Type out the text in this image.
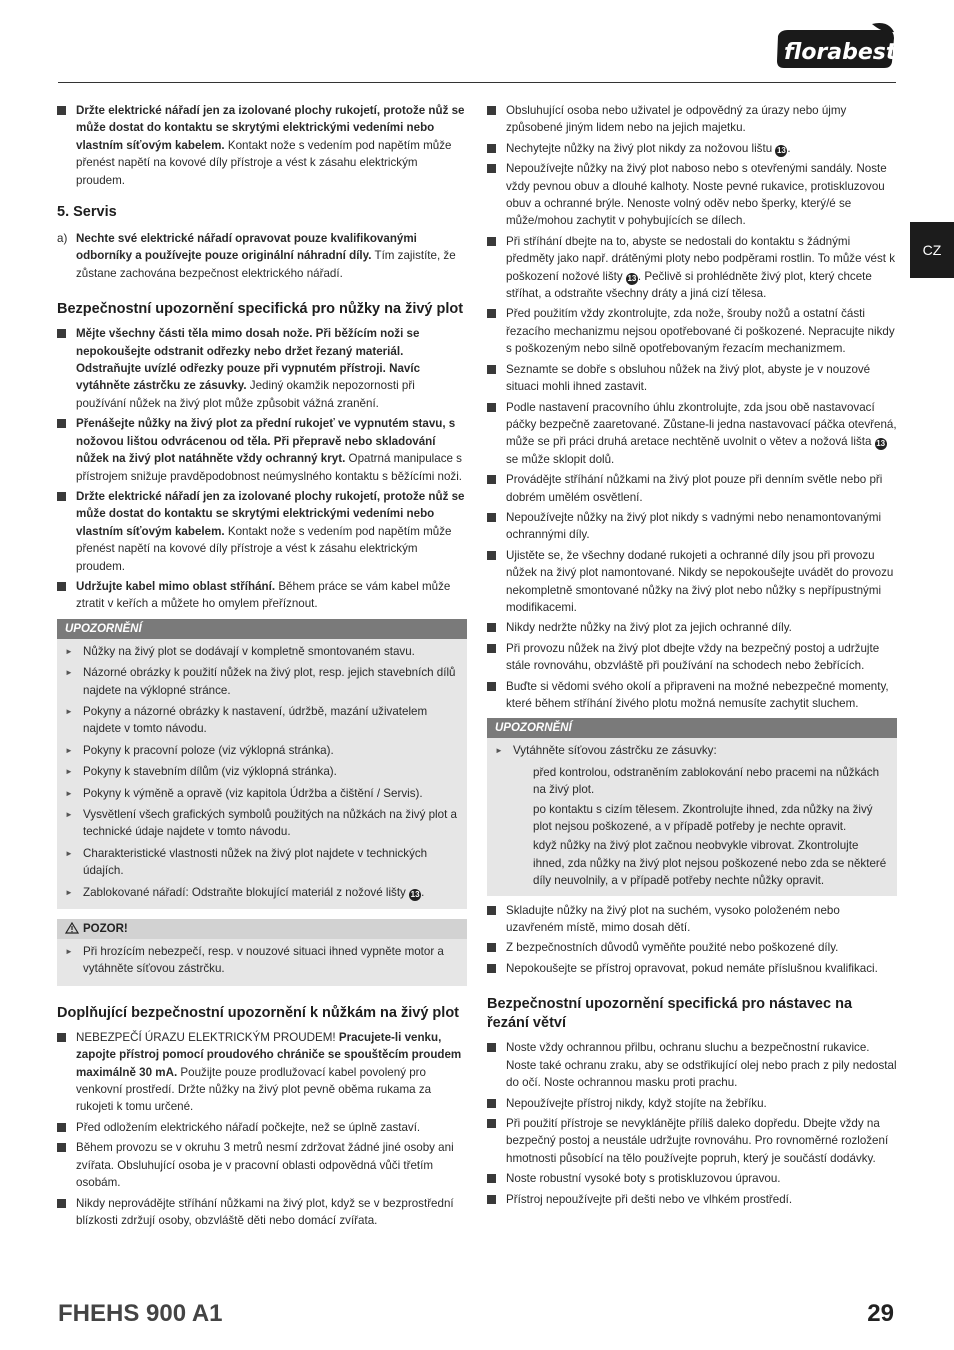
florabest
CZ
Držte elektrické nářadí jen za izolované plochy rukojetí, protože nůž se může dostat do kontaktu se skrytými elektrickými vedeními nebo vlastním síťovým kabelem. Kontakt nože s vedením pod napětím může přenést napětí na kovové díly přístroje a vést k zásahu elektrickým proudem.
5. Servis
a) Nechte své elektrické nářadí opravovat pouze kvalifikovanými odborníky a používejte pouze originální náhradní díly. Tím zajistíte, že zůstane zachována bezpečnost elektrického nářadí.
Bezpečnostní upozornění specifická pro nůžky na živý plot
Mějte všechny části těla mimo dosah nože. Při běžícím noži se nepokoušejte odstranit odřezky nebo držet řezaný materiál. Odstraňujte uvízlé odřezky pouze při vypnutém přístroji. Navíc vytáhněte zástrčku ze zásuvky. Jediný okamžik nepozornosti při používání nůžek na živý plot může způsobit vážná zranění.
Přenášejte nůžky na živý plot za přední rukojeť ve vypnutém stavu, s nožovou lištou odvrácenou od těla. Při přepravě nebo skladování nůžek na živý plot natáhněte vždy ochranný kryt. Opatrná manipulace s přístrojem snižuje pravděpodobnost neúmyslného kontaktu s běžícími noži.
Držte elektrické nářadí jen za izolované plochy rukojetí, protože nůž se může dostat do kontaktu se skrytými elektrickými vedeními nebo vlastním síťovým kabelem. Kontakt nože s vedením pod napětím může přenést napětí na kovové díly přístroje a vést k zásahu elektrickým proudem.
Udržujte kabel mimo oblast stříhání. Během práce se vám kabel může ztratit v keřích a můžete ho omylem přeříznout.
UPOZORNĚNÍ
► Nůžky na živý plot se dodávají v kompletně smontovaném stavu.
► Názorné obrázky k použití nůžek na živý plot, resp. jejich stavebních dílů najdete na výklopné stránce.
► Pokyny a názorné obrázky k nastavení, údržbě, mazání uživatelem najdete v tomto návodu.
► Pokyny k pracovní poloze (viz výklopná stránka).
► Pokyny k stavebním dílům (viz výklopná stránka).
► Pokyny k výměně a opravě (viz kapitola Údržba a čištění / Servis).
► Vysvětlení všech grafických symbolů použitých na nůžkách na živý plot a technické údaje najdete v tomto návodu.
► Charakteristické vlastnosti nůžek na živý plot najdete v technických údajích.
► Zablokované nářadí: Odstraňte blokující materiál z nožové lišty 13 .
POZOR!
► Při hrozícím nebezpečí, resp. v nouzové situaci ihned vypněte motor a vytáhněte síťovou zástrčku.
Doplňující bezpečnostní upozornění k nůžkám na živý plot
NEBEZPEČÍ ÚRAZU ELEKTRICKÝM PROUDEM! Pracujete-li venku, zapojte přístroj pomocí proudového chrániče se spouštěcím proudem maximálně 30 mA. Použijte pouze prodlužovací kabel povolený pro venkovní prostředí. Držte nůžky na živý plot pevně oběma rukama za rukojeti k tomu určené.
Před odložením elektrického nářadí počkejte, než se úplně zastaví.
Během provozu se v okruhu 3 metrů nesmí zdržovat žádné jiné osoby ani zvířata. Obsluhující osoba je v pracovní oblasti odpovědná vůči třetím osobám.
Nikdy neprovádějte stříhání nůžkami na živý plot, když se v bezprostřední blízkosti zdržují osoby, obzvláště děti nebo domácí zvířata.
Obsluhující osoba nebo uživatel je odpovědný za úrazy nebo újmy způsobené jiným lidem nebo na jejich majetku.
Nechytejte nůžky na živý plot nikdy za nožovou lištu 13 .
Nepoužívejte nůžky na živý plot naboso nebo s otevřenými sandály. Noste vždy pevnou obuv a dlouhé kalhoty. Noste pevné rukavice, protiskluzovou obuv a ochranné brýle. Nenoste volný oděv nebo šperky, který/é se může/mohou zachytit v pohybujících se dílech.
Při stříhání dbejte na to, abyste se nedostali do kontaktu s žádnými předměty jako např. drátěnými ploty nebo podpěrami rostlin. To může vést k poškození nožové lišty 13 . Pečlivě si prohlédněte živý plot, který chcete stříhat, a odstraňte všechny dráty a jiná cizí tělesa.
Před použitím vždy zkontrolujte, zda nože, šrouby nožů a ostatní části řezacího mechanizmu nejsou opotřebované či poškozené. Nepracujte nikdy s poškozeným nebo silně opotřebovaným řezacím mechanizmem.
Seznamte se dobře s obsluhou nůžek na živý plot, abyste je v nouzové situaci mohli ihned zastavit.
Podle nastavení pracovního úhlu zkontrolujte, zda jsou obě nastavovací páčky bezpečně zaaretované. Zůstane-li jedna nastavovací páčka otevřená, může se při práci druhá aretace nechtěně uvolnit o větev a nožová lišta 13 se může sklopit dolů.
Provádějte stříhání nůžkami na živý plot pouze při denním světle nebo při dobrém umělém osvětlení.
Nepoužívejte nůžky na živý plot nikdy s vadnými nebo nenamontovanými ochrannými díly.
Ujistěte se, že všechny dodané rukojeti a ochranné díly jsou při provozu nůžek na živý plot namontované. Nikdy se nepokoušejte uvádět do provozu nekompletně smontované nůžky na živý plot nebo nůžky s nepřípustnými modifikacemi.
Nikdy nedržte nůžky na živý plot za jejich ochranné díly.
Při provozu nůžek na živý plot dbejte vždy na bezpečný postoj a udržujte stále rovnováhu, obzvláště při používání na schodech nebo žebřících.
Buďte si vědomi svého okolí a připraveni na možné nebezpečné momenty, které během stříhání živého plotu možná nemusíte zachytit sluchem.
UPOZORNĚNÍ
► Vytáhněte síťovou zástrčku ze zásuvky:
před kontrolou, odstraněním zablokování nebo pracemi na nůžkách na živý plot.
po kontaktu s cizím tělesem. Zkontrolujte ihned, zda nůžky na živý plot nejsou poškozené, a v případě potřeby je nechte opravit.
když nůžky na živý plot začnou neobvykle vibrovat. Zkontrolujte ihned, zda nůžky na živý plot nejsou poškozené nebo zda se některé díly neuvolnily, a v případě potřeby nechte nůžky opravit.
Skladujte nůžky na živý plot na suchém, vysoko položeném nebo uzavřeném místě, mimo dosah dětí.
Z bezpečnostních důvodů vyměňte použité nebo poškozené díly.
Nepokoušejte se přístroj opravovat, pokud nemáte příslušnou kvalifikaci.
Bezpečnostní upozornění specifická pro nástavec na řezání větví
Noste vždy ochrannou přilbu, ochranu sluchu a bezpečnostní rukavice. Noste také ochranu zraku, aby se odstřikující olej nebo prach z pily nedostal do očí. Noste ochrannou masku proti prachu.
Nepoužívejte přístroj nikdy, když stojíte na žebříku.
Při použití přístroje se nevyklánějte příliš daleko dopředu. Dbejte vždy na bezpečný postoj a neustále udržujte rovnováhu. Pro rovnoměrné rozložení hmotnosti působící na tělo používejte popruh, který je součástí dodávky.
Noste robustní vysoké boty s protiskluzovou úpravou.
Přístroj nepoužívejte při dešti nebo ve vlhkém prostředí.
FHEHS 900 A1	29
